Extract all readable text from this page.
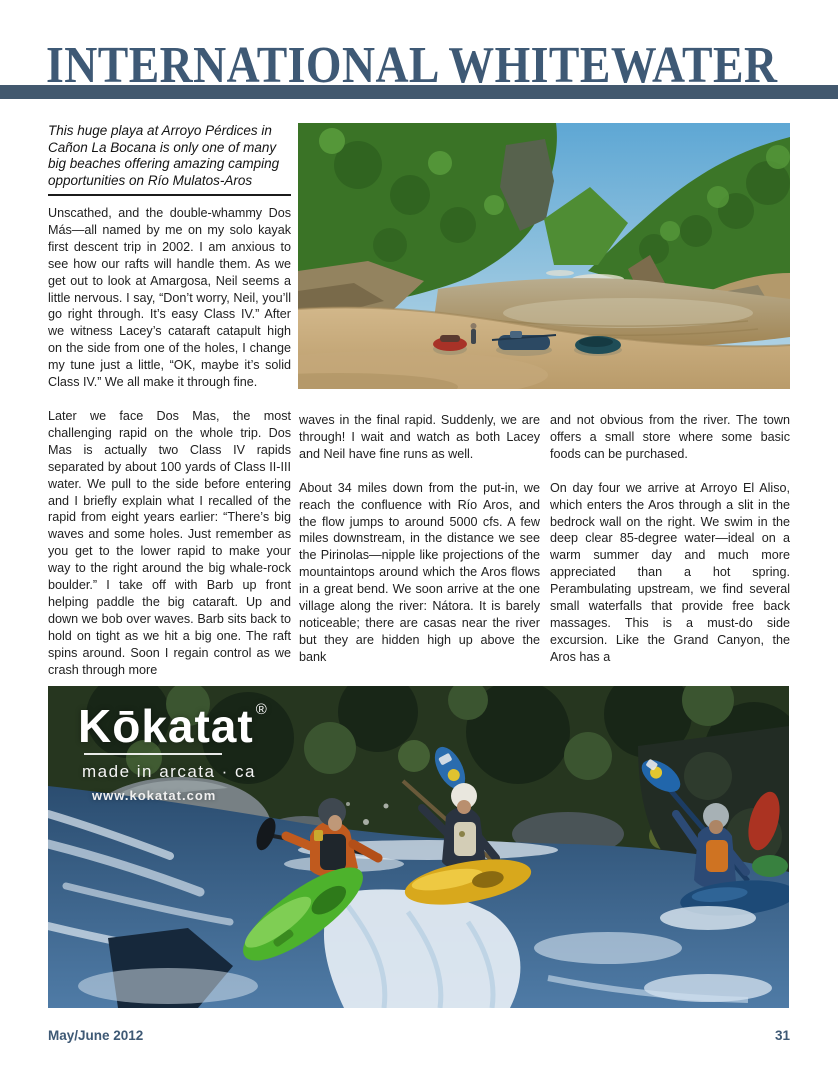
INTERNATIONAL WHITEWATER
This huge playa at Arroyo Pérdices in Cañon La Bocana is only one of many big beaches offering amazing camping opportunities on Río Mulatos-Aros

Unscathed, and the double-whammy Dos Más—all named by me on my solo kayak first descent trip in 2002. I am anxious to see how our rafts will handle them. As we get out to look at Amargosa, Neil seems a little nervous. I say, “Don’t worry, Neil, you’ll go right through. It’s easy Class IV.” After we witness Lacey’s cataraft catapult high on the side from one of the holes, I change my tune just a little, “OK, maybe it’s solid Class IV.” We all make it through fine.

Later we face Dos Mas, the most challenging rapid on the whole trip. Dos Mas is actually two Class IV rapids separated by about 100 yards of Class II-III water. We pull to the side before entering and I briefly explain what I recalled of the rapid from eight years earlier: “There’s big waves and some holes. Just remember as you get to the lower rapid to make your way to the right around the big whale-rock boulder.” I take off with Barb up front helping paddle the big cataraft. Up and down we bob over waves. Barb sits back to hold on tight as we hit a big one. The raft spins around. Soon I regain control as we crash through more

waves in the final rapid. Suddenly, we are through! I wait and watch as both Lacey and Neil have fine runs as well.

About 34 miles down from the put-in, we reach the confluence with Río Aros, and the flow jumps to around 5000 cfs. A few miles downstream, in the distance we see the Pirinolas—nipple like projections of the mountaintops around which the Aros flows in a great bend. We soon arrive at the one village along the river: Nátora. It is barely noticeable; there are casas near the river but they are hidden high up above the bank

and not obvious from the river. The town offers a small store where some basic foods can be purchased.

On day four we arrive at Arroyo El Aliso, which enters the Aros through a slit in the bedrock wall on the right. We swim in the deep clear 85-degree water—ideal on a warm summer day and much more appreciated than a hot spring. Perambulating upstream, we find several small waterfalls that provide free back massages. This is a must-do side excursion. Like the Grand Canyon, the Aros has a

Kōkatat ®
made in arcata · ca
www.kokatat.com
May/June 2012	31
